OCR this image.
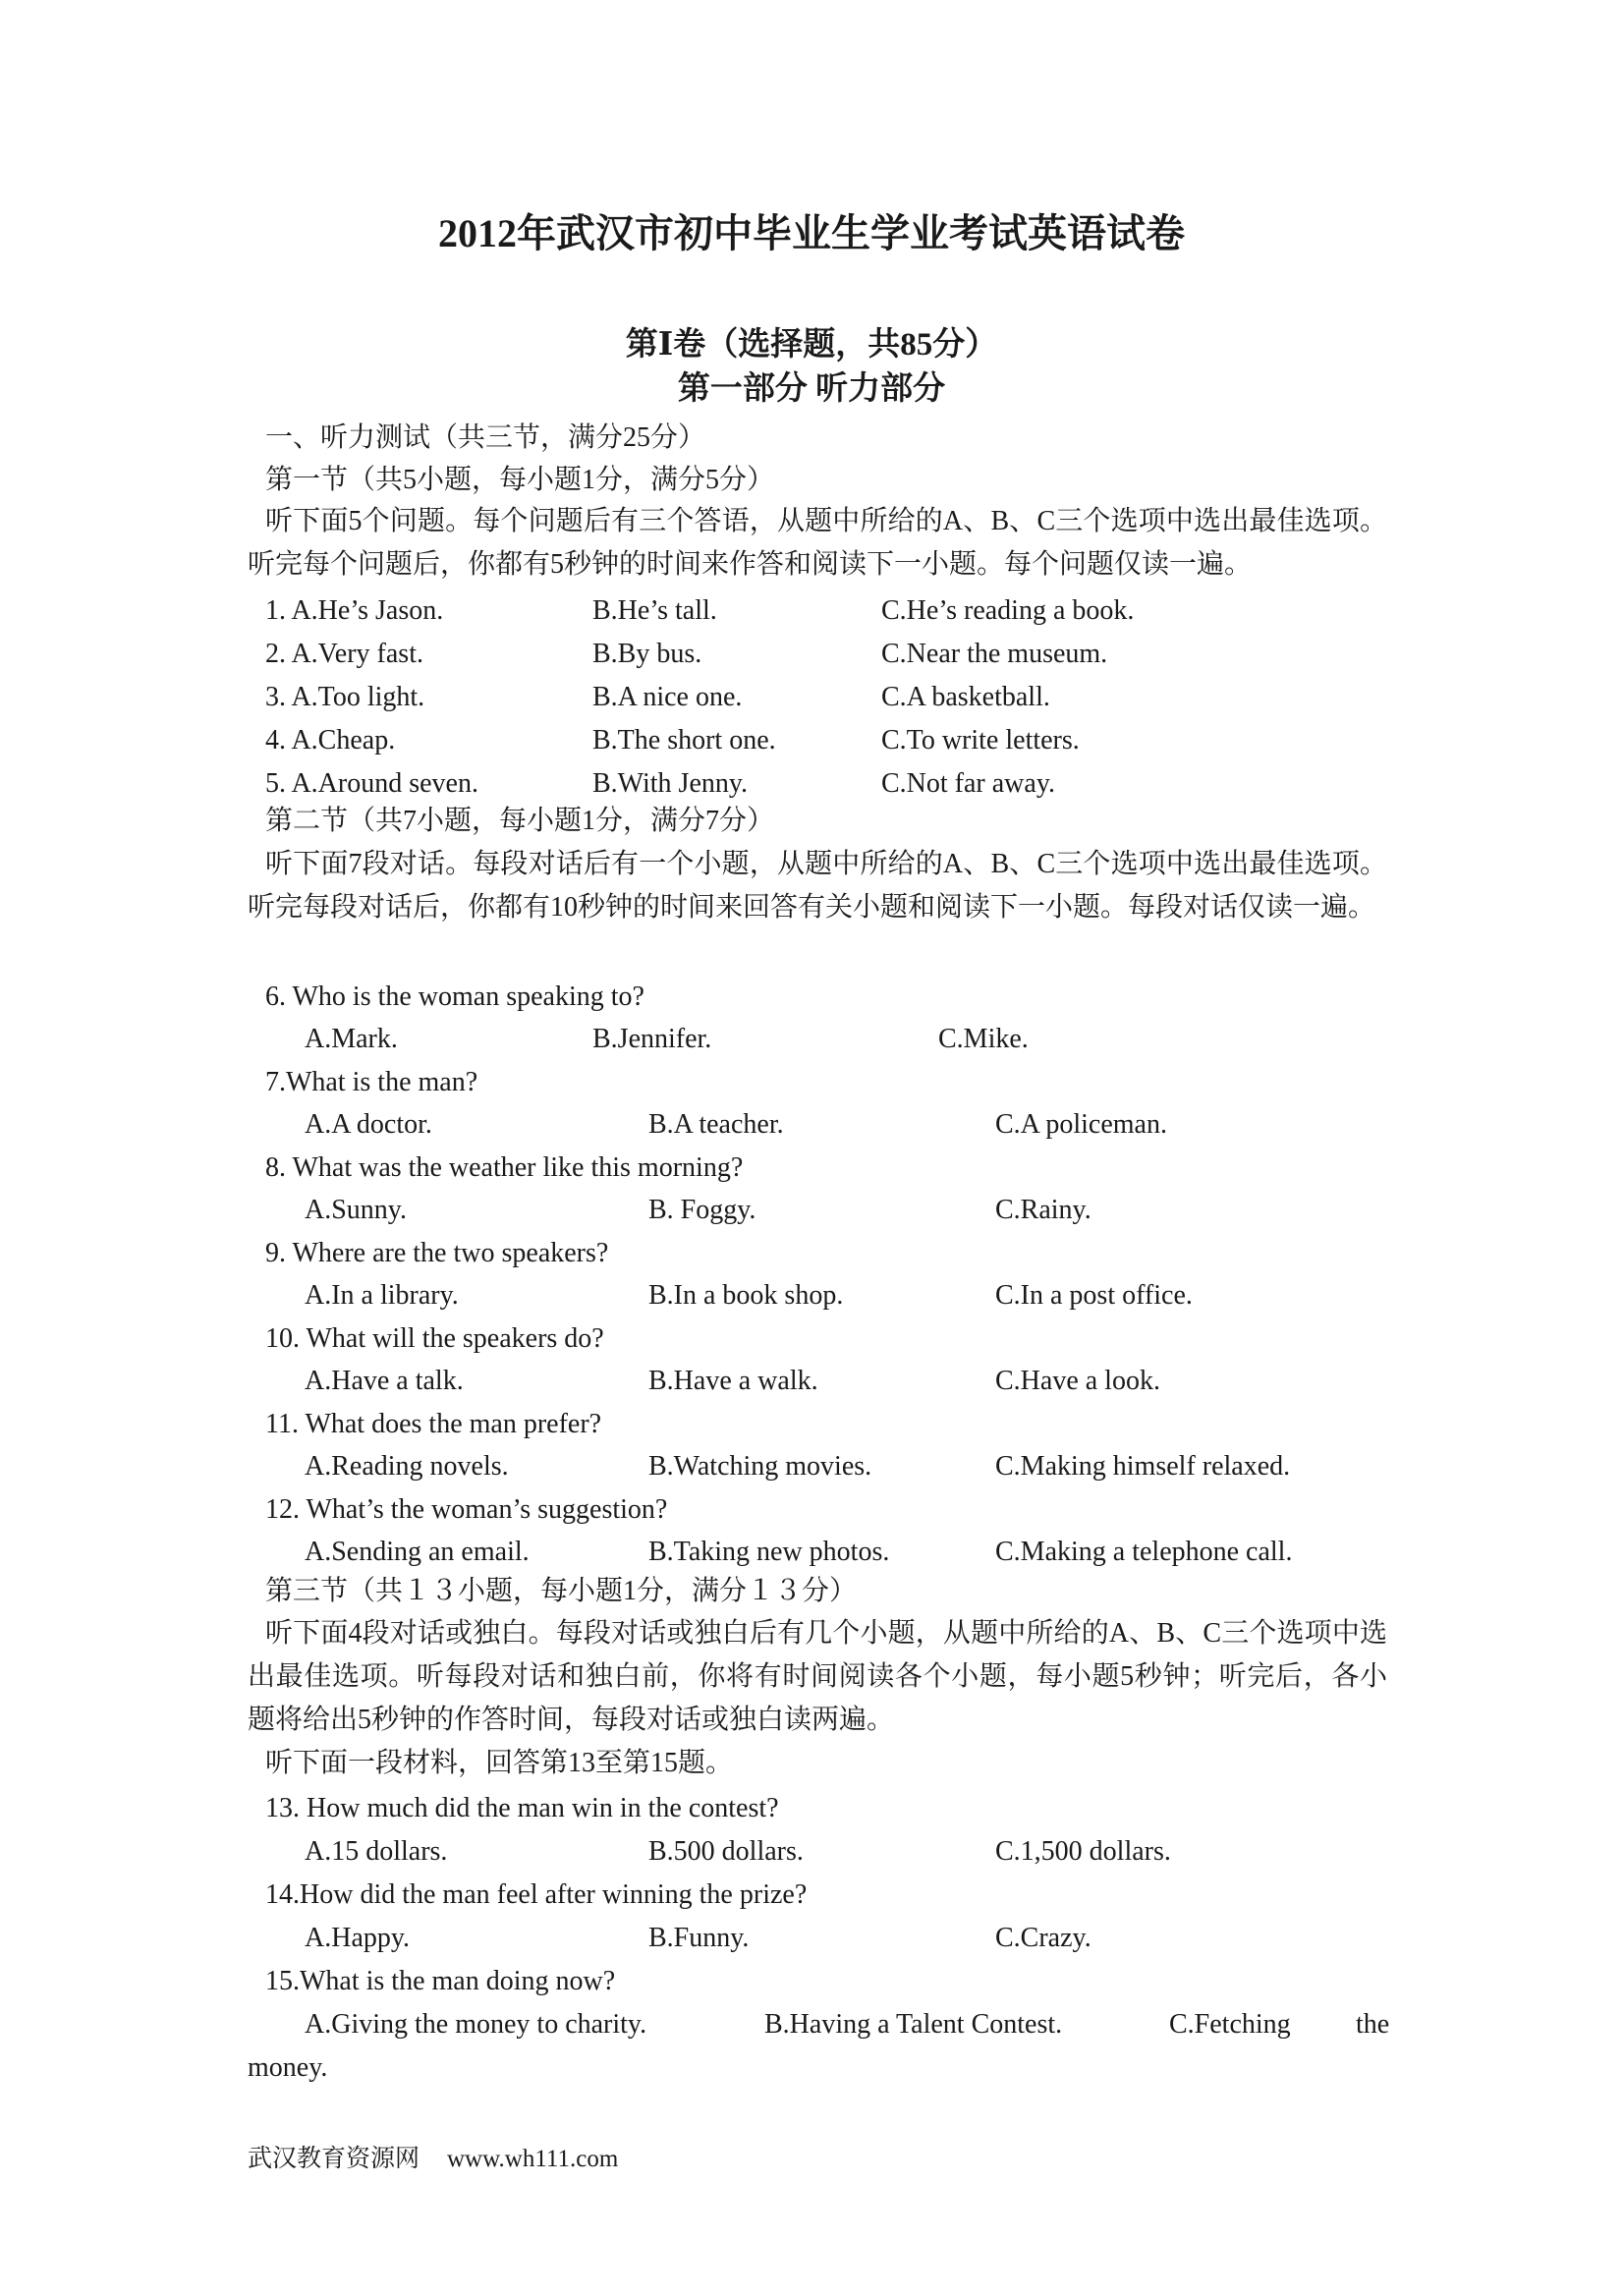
2012年武汉市初中毕业生学业考试英语试卷
第Ⅰ卷（选择题，共85分）
第一部分 听力部分
一、听力测试（共三节，满分25分）
第一节（共5小题，每小题1分，满分5分）
听下面5个问题。每个问题后有三个答语，从题中所给的A、B、C三个选项中选出最佳选项。听完每个问题后，你都有5秒钟的时间来作答和阅读下一小题。每个问题仅读一遍。
1. A.He’s Jason.	B.He’s tall.	C.He’s reading a book.
2. A.Very fast.	B.By bus.	C.Near the museum.
3. A.Too light.	B.A nice one.	C.A basketball.
4. A.Cheap.	B.The short one.	C.To write letters.
5. A.Around seven.	B.With Jenny.	C.Not far away.
第二节（共7小题，每小题1分，满分7分）
听下面7段对话。每段对话后有一个小题，从题中所给的A、B、C三个选项中选出最佳选项。听完每段对话后，你都有10秒钟的时间来回答有关小题和阅读下一小题。每段对话仅读一遍。
6. Who is the woman speaking to?
A.Mark.	B.Jennifer.	C.Mike.
7.What is the man?
A.A doctor.	B.A teacher.	C.A policeman.
8. What was the weather like this morning?
A.Sunny.	B. Foggy.	C.Rainy.
9. Where are the two speakers?
A.In a library.	B.In a book shop.	C.In a post office.
10. What will the speakers do?
A.Have a talk.	B.Have a walk.	C.Have a look.
11. What does the man prefer?
A.Reading novels.	B.Watching movies.	C.Making himself relaxed.
12. What’s the woman’s suggestion?
A.Sending an email.	B.Taking new photos.	C.Making a telephone call.
第三节（共１３小题，每小题1分，满分１３分）
听下面4段对话或独白。每段对话或独白后有几个小题，从题中所给的A、B、C三个选项中选出最佳选项。听每段对话和独白前，你将有时间阅读各个小题，每小题5秒钟；听完后，各小题将给出5秒钟的作答时间，每段对话或独白读两遍。
听下面一段材料，回答第13至第15题。
13. How much did the man win in the contest?
A.15 dollars.	B.500 dollars.	C.1,500 dollars.
14.How did the man feel after winning the prize?
A.Happy.	B.Funny.	C.Crazy.
15.What is the man doing now?
A.Giving the money to charity.	B.Having a Talent Contest.	C.Fetching the
money.
武汉教育资源网 www.wh111.com
